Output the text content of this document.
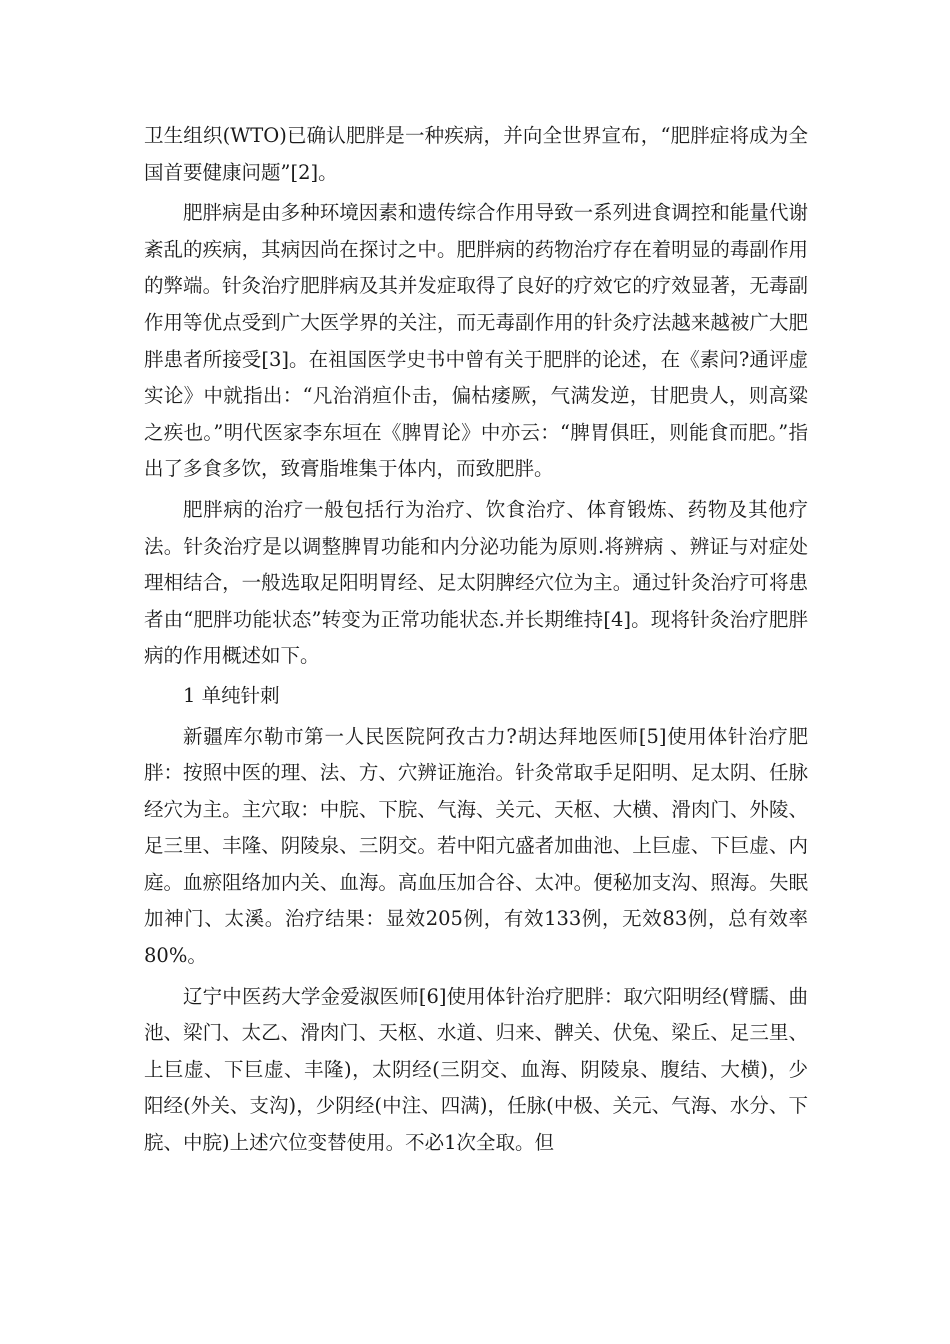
卫生组织(WTO)已确认肥胖是一种疾病，并向全世界宣布，“肥胖症将成为全国首要健康问题”[2]。

肥胖病是由多种环境因素和遗传综合作用导致一系列进食调控和能量代谢紊乱的疾病，其病因尚在探讨之中。肥胖病的药物治疗存在着明显的毒副作用的弊端。针灸治疗肥胖病及其并发症取得了良好的疗效它的疗效显著，无毒副作用等优点受到广大医学界的关注，而无毒副作用的针灸疗法越来越被广大肥胖患者所接受[3]。在祖国医学史书中曾有关于肥胖的论述，在《素问?通评虚实论》中就指出：“凡治消疸仆击，偏枯痿厥，气满发逆，甘肥贵人，则高粱之疾也。”明代医家李东垣在《脾胃论》中亦云：“脾胃俱旺，则能食而肥。”指出了多食多饮，致膏脂堆集于体内，而致肥胖。

肥胖病的治疗一般包括行为治疗、饮食治疗、体育锻炼、药物及其他疗法。针灸治疗是以调整脾胃功能和内分泌功能为原则.将辨病 、辨证与对症处理相结合，一般选取足阳明胃经、足太阴脾经穴位为主。通过针灸治疗可将患者由“肥胖功能状态”转变为正常功能状态.并长期维持[4]。现将针灸治疗肥胖病的作用概述如下。

1 单纯针刺

新疆库尔勒市第一人民医院阿孜古力?胡达拜地医师[5]使用体针治疗肥胖：按照中医的理、法、方、穴辨证施治。针灸常取手足阳明、足太阴、任脉经穴为主。主穴取：中脘、下脘、气海、关元、天枢、大横、滑肉门、外陵、足三里、丰隆、阴陵泉、三阴交。若中阳亢盛者加曲池、上巨虚、下巨虚、内庭。血瘀阻络加内关、血海。高血压加合谷、太冲。便秘加支沟、照海。失眠加神门、太溪。治疗结果：显效205例，有效133例，无效83例，总有效率80%。

辽宁中医药大学金爱淑医师[6]使用体针治疗肥胖：取穴阳明经(臂臑、曲池、梁门、太乙、滑肉门、天枢、水道、归来、髀关、伏兔、梁丘、足三里、上巨虚、下巨虚、丰隆)，太阴经(三阴交、血海、阴陵泉、腹结、大横)，少阳经(外关、支沟)，少阴经(中注、四满)，任脉(中极、关元、气海、水分、下脘、中脘)上述穴位变替使用。不必1次全取。但
